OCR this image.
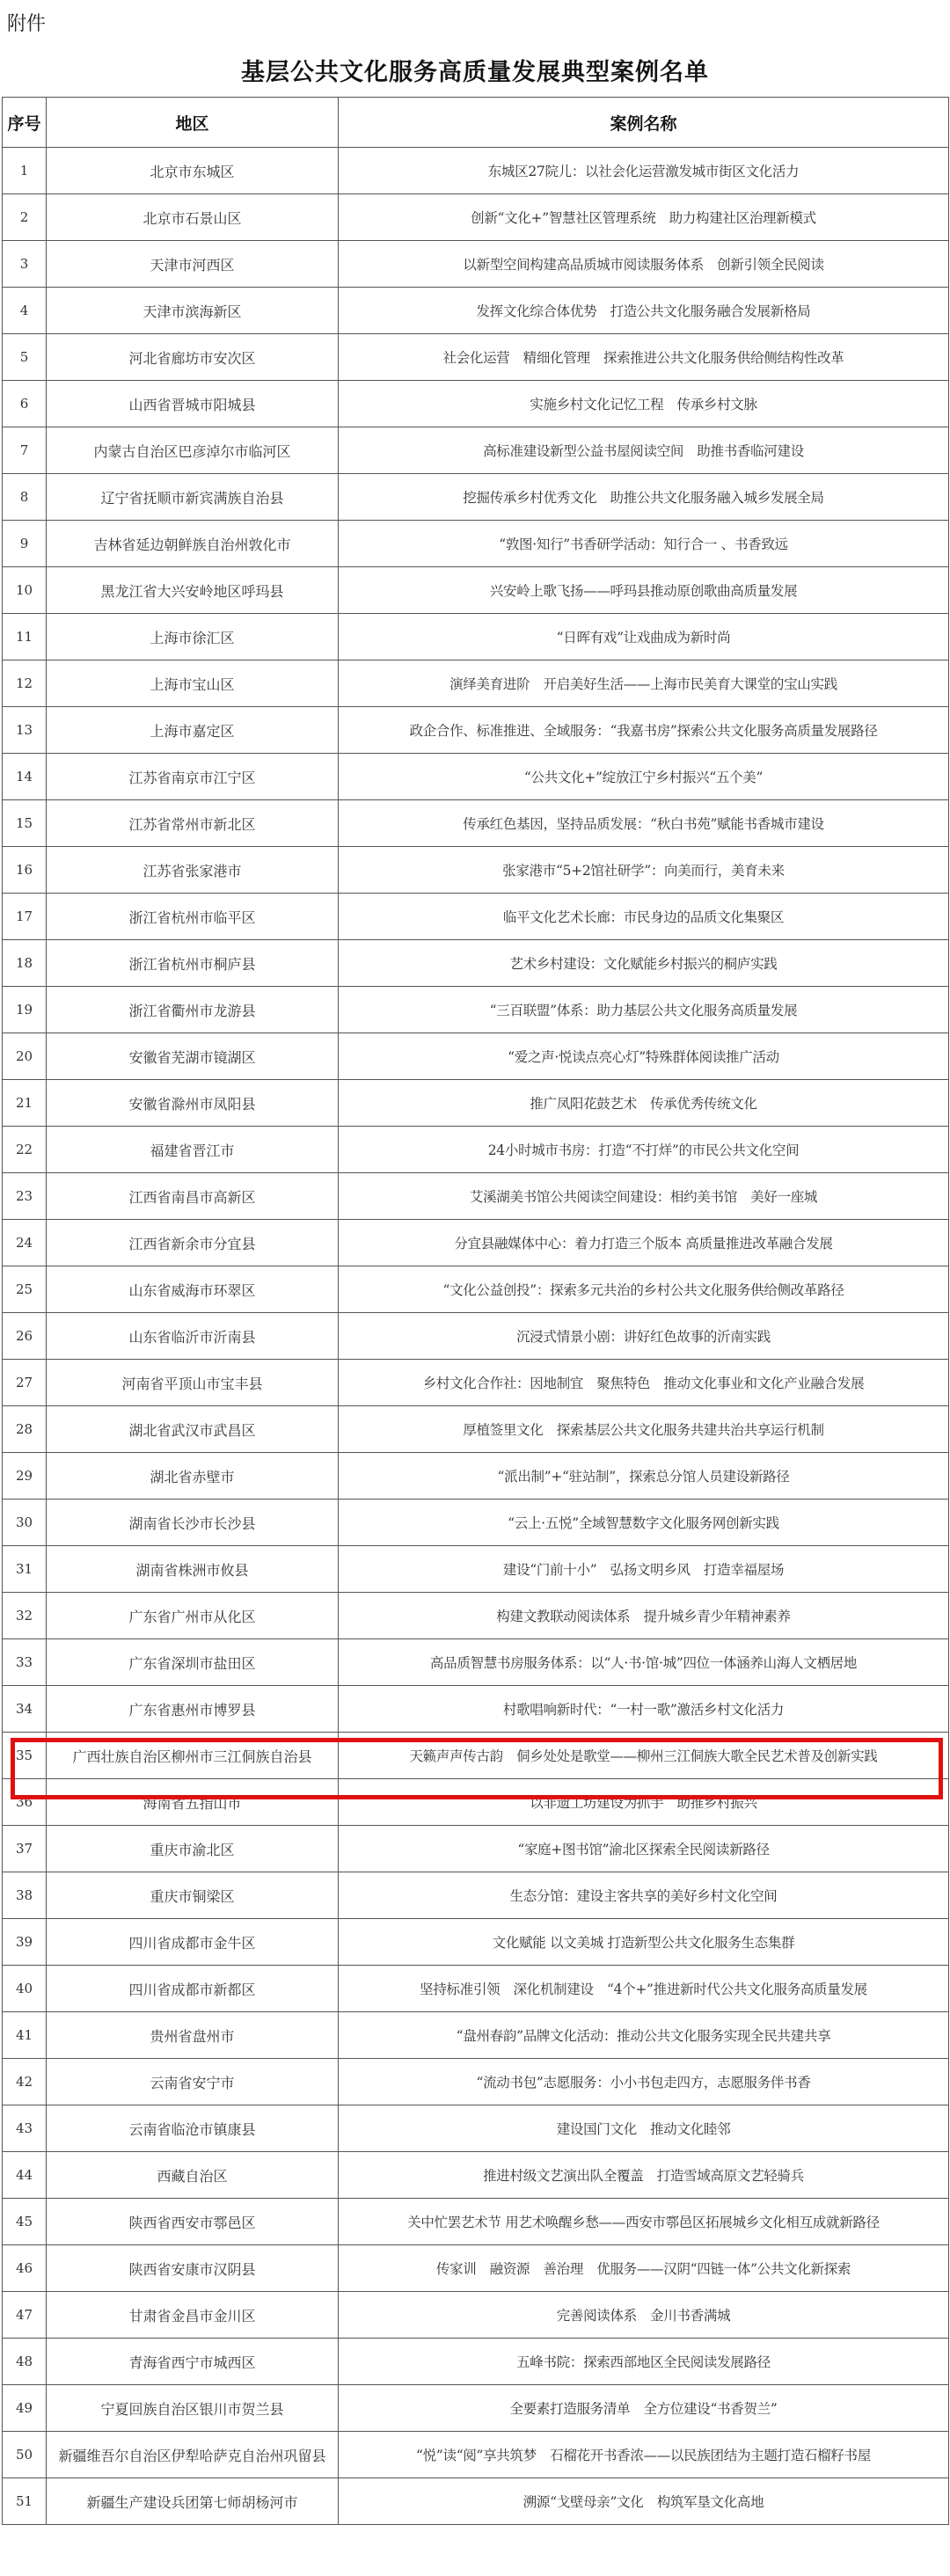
附件
基层公共文化服务高质量发展典型案例名单
序号	地区	案例名称
1	北京市东城区	东城区27院儿：以社会化运营激发城市街区文化活力
2	北京市石景山区	创新“文化+”智慧社区管理系统　助力构建社区治理新模式
3	天津市河西区	以新型空间构建高品质城市阅读服务体系　创新引领全民阅读
4	天津市滨海新区	发挥文化综合体优势　打造公共文化服务融合发展新格局
5	河北省廊坊市安次区	社会化运营　精细化管理　探索推进公共文化服务供给侧结构性改革
6	山西省晋城市阳城县	实施乡村文化记忆工程　传承乡村文脉
7	内蒙古自治区巴彦淖尔市临河区	高标准建设新型公益书屋阅读空间　助推书香临河建设
8	辽宁省抚顺市新宾满族自治县	挖掘传承乡村优秀文化　助推公共文化服务融入城乡发展全局
9	吉林省延边朝鲜族自治州敦化市	“敦图·知行”书香研学活动：知行合一 、书香致远
10	黑龙江省大兴安岭地区呼玛县	兴安岭上歌飞扬——呼玛县推动原创歌曲高质量发展
11	上海市徐汇区	“日晖有戏”让戏曲成为新时尚
12	上海市宝山区	演绎美育进阶　开启美好生活——上海市民美育大课堂的宝山实践
13	上海市嘉定区	政企合作、标准推进、全域服务：“我嘉书房”探索公共文化服务高质量发展路径
14	江苏省南京市江宁区	“公共文化+”绽放江宁乡村振兴“五个美”
15	江苏省常州市新北区	传承红色基因，坚持品质发展：“秋白书苑”赋能书香城市建设
16	江苏省张家港市	张家港市“5+2馆社研学”：向美而行，美育未来
17	浙江省杭州市临平区	临平文化艺术长廊：市民身边的品质文化集聚区
18	浙江省杭州市桐庐县	艺术乡村建设：文化赋能乡村振兴的桐庐实践
19	浙江省衢州市龙游县	“三百联盟”体系：助力基层公共文化服务高质量发展
20	安徽省芜湖市镜湖区	“爱之声·悦读点亮心灯”特殊群体阅读推广活动
21	安徽省滁州市凤阳县	推广凤阳花鼓艺术　传承优秀传统文化
22	福建省晋江市	24小时城市书房：打造“不打烊”的市民公共文化空间
23	江西省南昌市高新区	艾溪湖美书馆公共阅读空间建设：相约美书馆　美好一座城
24	江西省新余市分宜县	分宜县融媒体中心：着力打造三个版本 高质量推进改革融合发展
25	山东省威海市环翠区	“文化公益创投”：探索多元共治的乡村公共文化服务供给侧改革路径
26	山东省临沂市沂南县	沉浸式情景小剧：讲好红色故事的沂南实践
27	河南省平顶山市宝丰县	乡村文化合作社：因地制宜　聚焦特色　推动文化事业和文化产业融合发展
28	湖北省武汉市武昌区	厚植签里文化　探索基层公共文化服务共建共治共享运行机制
29	湖北省赤壁市	“派出制”+“驻站制”，探索总分馆人员建设新路径
30	湖南省长沙市长沙县	“云上·五悦”全域智慧数字文化服务网创新实践
31	湖南省株洲市攸县	建设“门前十小”　弘扬文明乡风　打造幸福屋场
32	广东省广州市从化区	构建文教联动阅读体系　提升城乡青少年精神素养
33	广东省深圳市盐田区	高品质智慧书房服务体系：以“人·书·馆·城”四位一体涵养山海人文栖居地
34	广东省惠州市博罗县	村歌唱响新时代：“一村一歌”激活乡村文化活力
35	广西壮族自治区柳州市三江侗族自治县	天籁声声传古韵　侗乡处处是歌堂——柳州三江侗族大歌全民艺术普及创新实践
36	海南省五指山市	以非遗工坊建设为抓手　助推乡村振兴
37	重庆市渝北区	“家庭+图书馆”渝北区探索全民阅读新路径
38	重庆市铜梁区	生态分馆：建设主客共享的美好乡村文化空间
39	四川省成都市金牛区	文化赋能 以文美城 打造新型公共文化服务生态集群
40	四川省成都市新都区	坚持标准引领　深化机制建设　“4个+”推进新时代公共文化服务高质量发展
41	贵州省盘州市	“盘州春韵”品牌文化活动：推动公共文化服务实现全民共建共享
42	云南省安宁市	“流动书包”志愿服务：小小书包走四方，志愿服务伴书香
43	云南省临沧市镇康县	建设国门文化　推动文化睦邻
44	西藏自治区	推进村级文艺演出队全覆盖　打造雪域高原文艺轻骑兵
45	陕西省西安市鄠邑区	关中忙罢艺术节 用艺术唤醒乡愁——西安市鄠邑区拓展城乡文化相互成就新路径
46	陕西省安康市汉阴县	传家训　融资源　善治理　优服务——汉阴“四链一体”公共文化新探索
47	甘肃省金昌市金川区	完善阅读体系　金川书香满城
48	青海省西宁市城西区	五峰书院：探索西部地区全民阅读发展路径
49	宁夏回族自治区银川市贺兰县	全要素打造服务清单　全方位建设“书香贺兰”
50	新疆维吾尔自治区伊犁哈萨克自治州巩留县	“悦”读“阅”享共筑梦　石榴花开书香浓——以民族团结为主题打造石榴籽书屋
51	新疆生产建设兵团第七师胡杨河市	溯源“戈壁母亲”文化　构筑军垦文化高地
